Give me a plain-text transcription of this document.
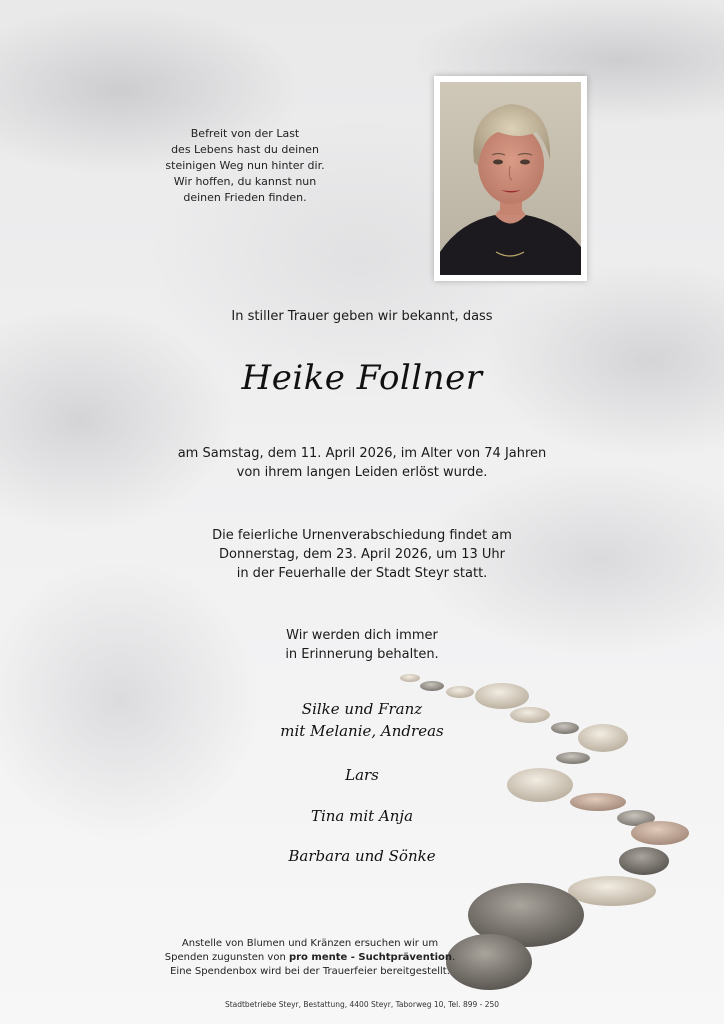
Befreit von der Last
des Lebens hast du deinen
steinigen Weg nun hinter dir.
Wir hoffen, du kannst nun
deinen Frieden finden.
In stiller Trauer geben wir bekannt, dass
Heike Follner
am Samstag, dem 11. April 2026, im Alter von 74 Jahren
von ihrem langen Leiden erlöst wurde.
Die feierliche Urnenverabschiedung findet am
Donnerstag, dem 23. April 2026, um 13 Uhr
in der Feuerhalle der Stadt Steyr statt.
Wir werden dich immer
in Erinnerung behalten.
Silke und Franz
mit Melanie, Andreas
Lars
Tina mit Anja
Barbara und Sönke
Anstelle von Blumen und Kränzen ersuchen wir um
Spenden zugunsten von pro mente - Suchtprävention.
Eine Spendenbox wird bei der Trauerfeier bereitgestellt.
Stadtbetriebe Steyr, Bestattung, 4400 Steyr, Taborweg 10, Tel. 899 - 250
